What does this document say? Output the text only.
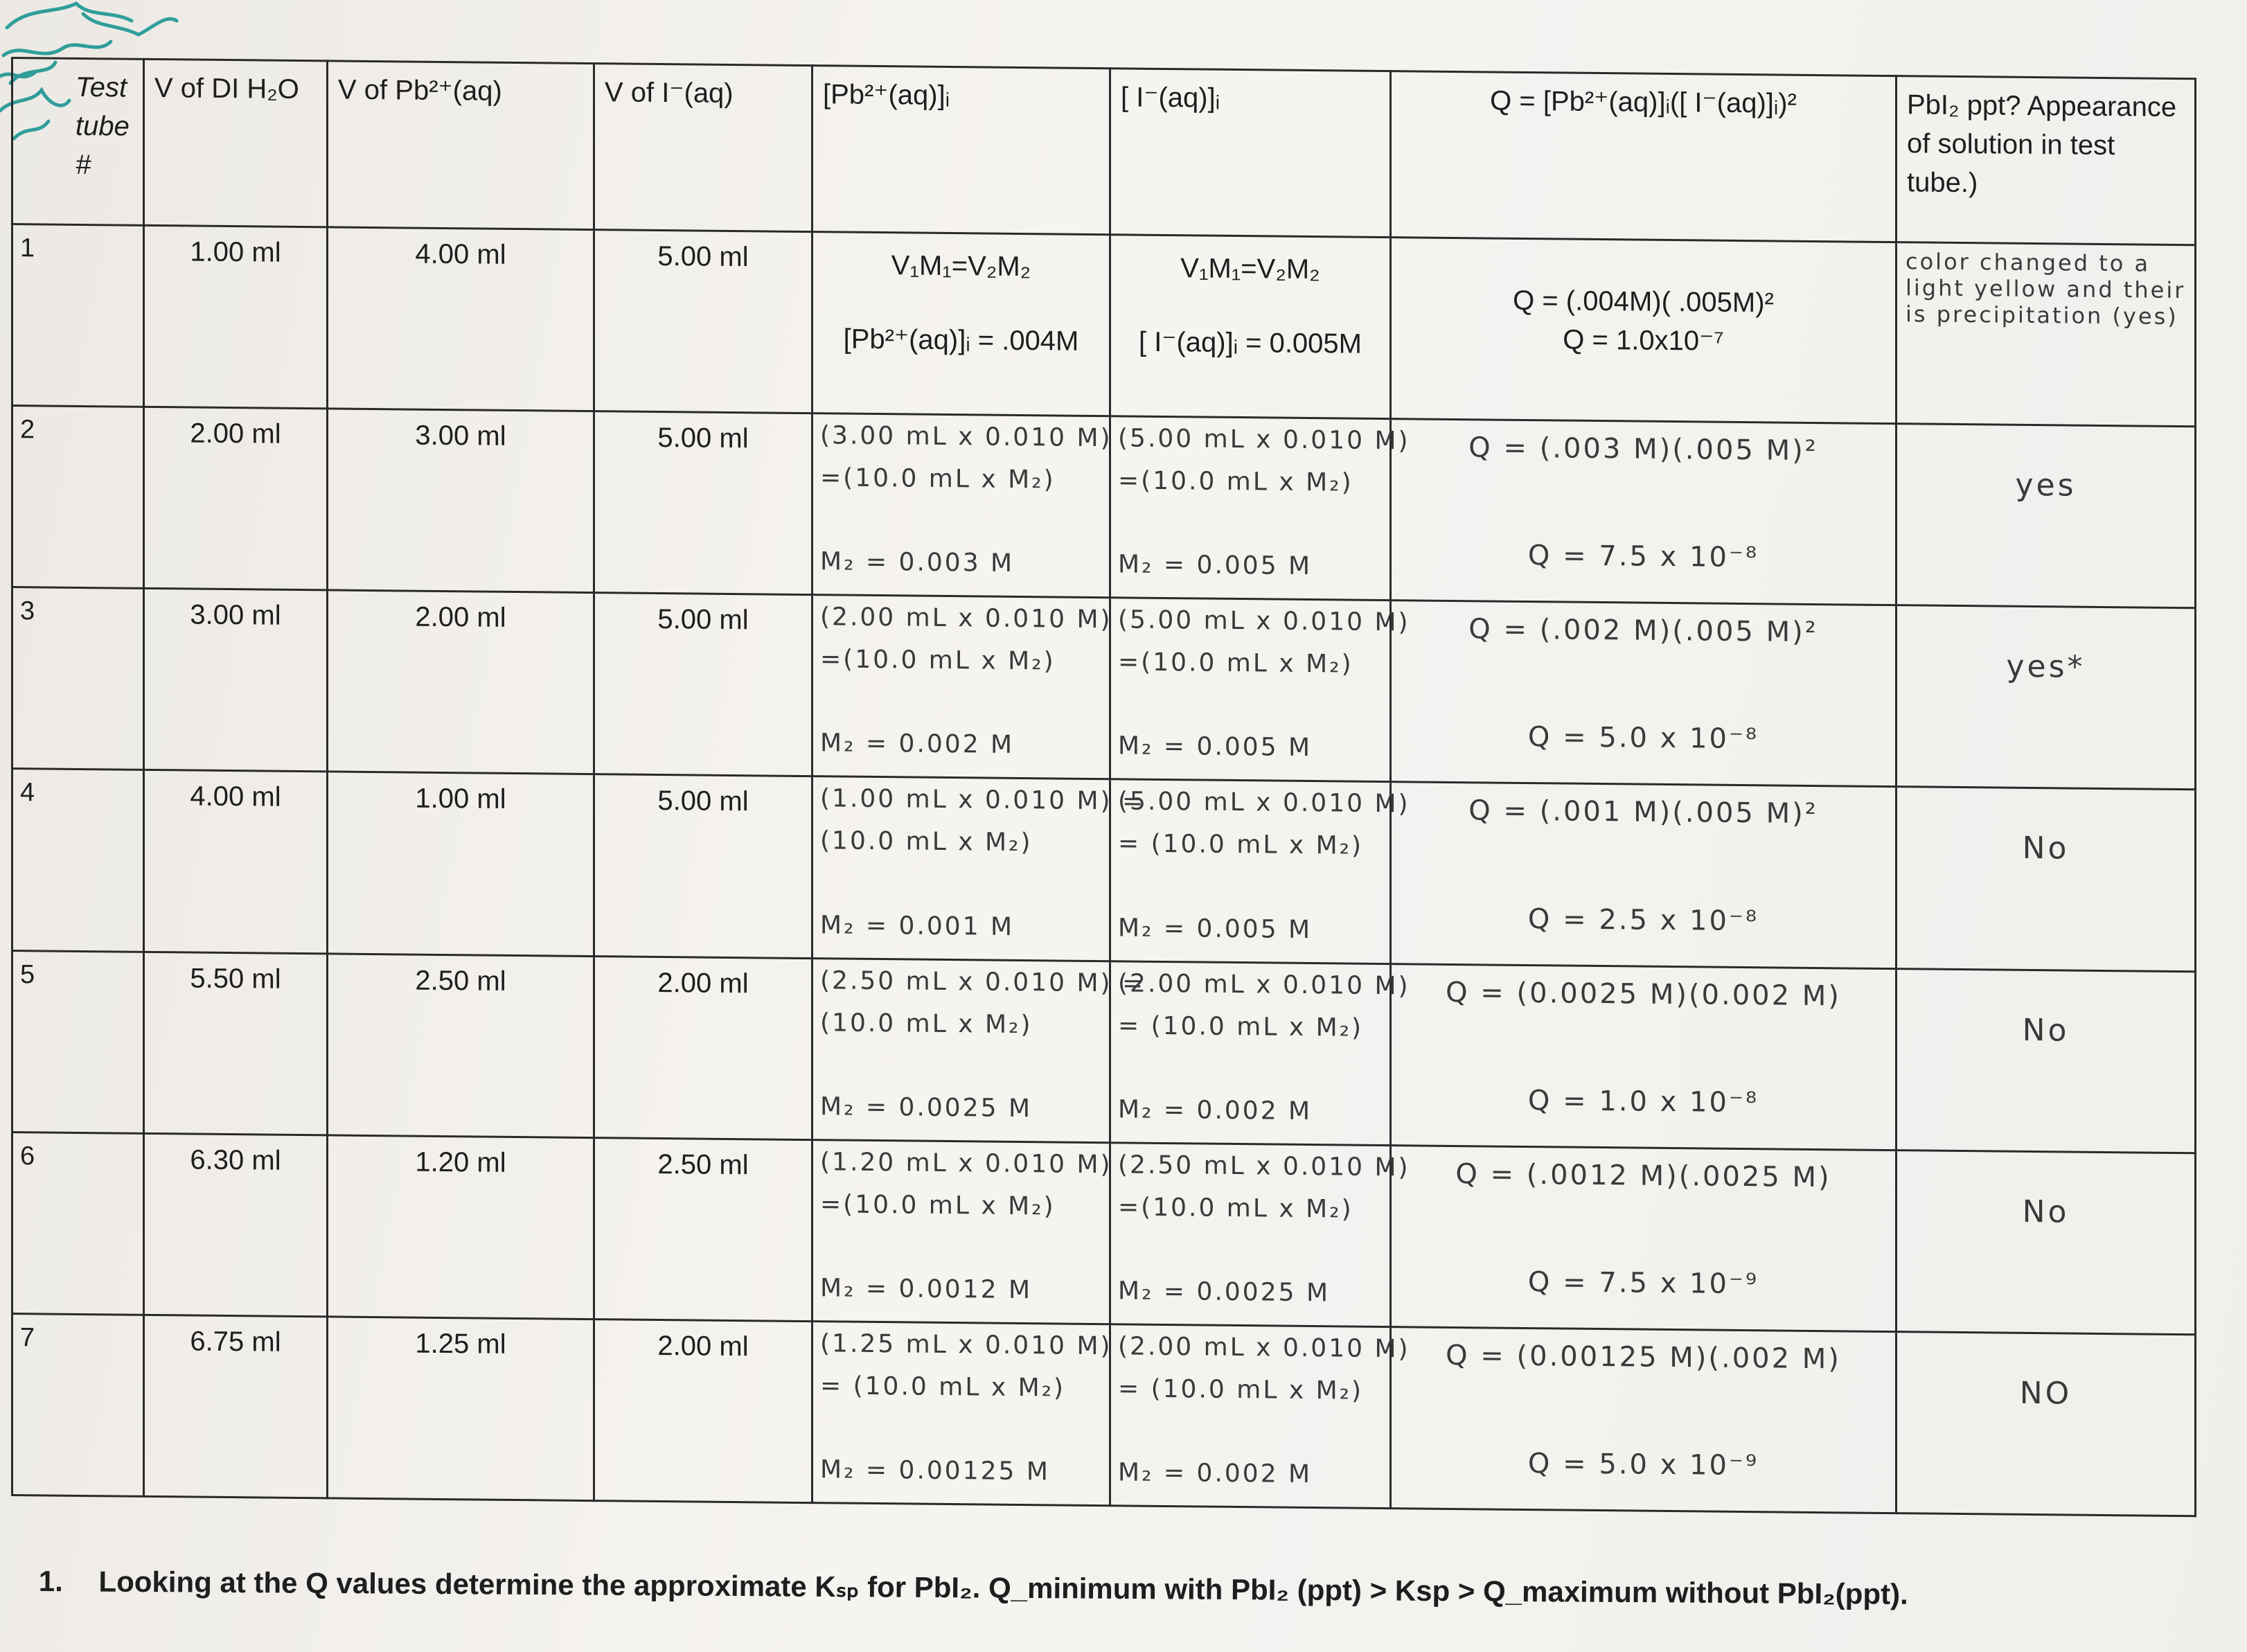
Test tube #	V of DI H₂O	V of Pb²⁺(aq)	V of I⁻(aq)	[Pb²⁺(aq)]ᵢ	[ I⁻(aq)]ᵢ	Q = [Pb²⁺(aq)]ᵢ([ I⁻(aq)]ᵢ)²	PbI₂ ppt? Appearance of solution in test tube.)

1	1.00 ml	4.00 ml	5.00 ml	V₁M₁=V₂M₂
[Pb²⁺(aq)]ᵢ = .004M	V₁M₁=V₂M₂
[ I⁻(aq)]ᵢ = 0.005M	Q = (.004M)( .005M)²
Q = 1.0x10⁻⁷	color changed to a light yellow and their is precipitation (yes)

2	2.00 ml	3.00 ml	5.00 ml	(3.00 mL x 0.010 M)
=(10.0 mL x M₂)
M₂ = 0.003 M	(5.00 mL x 0.010 M)
=(10.0 mL x M₂)
M₂ = 0.005 M	Q = (.003 M)(.005 M)²
Q = 7.5 x 10⁻⁸	yes

3	3.00 ml	2.00 ml	5.00 ml	(2.00 mL x 0.010 M)
=(10.0 mL x M₂)
M₂ = 0.002 M	(5.00 mL x 0.010 M)
=(10.0 mL x M₂)
M₂ = 0.005 M	Q = (.002 M)(.005 M)²
Q = 5.0 x 10⁻⁸	yes*

4	4.00 ml	1.00 ml	5.00 ml	(1.00 mL x 0.010 M) =
(10.0 mL x M₂)
M₂ = 0.001 M	(5.00 mL x 0.010 M)
= (10.0 mL x M₂)
M₂ = 0.005 M	Q = (.001 M)(.005 M)²
Q = 2.5 x 10⁻⁸	No

5	5.50 ml	2.50 ml	2.00 ml	(2.50 mL x 0.010 M) =
(10.0 mL x M₂)
M₂ = 0.0025 M	(2.00 mL x 0.010 M)
= (10.0 mL x M₂)
M₂ = 0.002 M	Q = (0.0025 M)(0.002 M)
Q = 1.0 x 10⁻⁸	No

6	6.30 ml	1.20 ml	2.50 ml	(1.20 mL x 0.010 M)
=(10.0 mL x M₂)
M₂ = 0.0012 M	(2.50 mL x 0.010 M)
=(10.0 mL x M₂)
M₂ = 0.0025 M	Q = (.0012 M)(.0025 M)
Q = 7.5 x 10⁻⁹	No

7	6.75 ml	1.25 ml	2.00 ml	(1.25 mL x 0.010 M)
= (10.0 mL x M₂)
M₂ = 0.00125 M	(2.00 mL x 0.010 M)
= (10.0 mL x M₂)
M₂ = 0.002 M	Q = (0.00125 M)(.002 M)
Q = 5.0 x 10⁻⁹	NO
1. Looking at the Q values determine the approximate Kₛₚ for PbI₂. Q_minimum with PbI₂ (ppt) > Ksp > Q_maximum without PbI₂(ppt).
